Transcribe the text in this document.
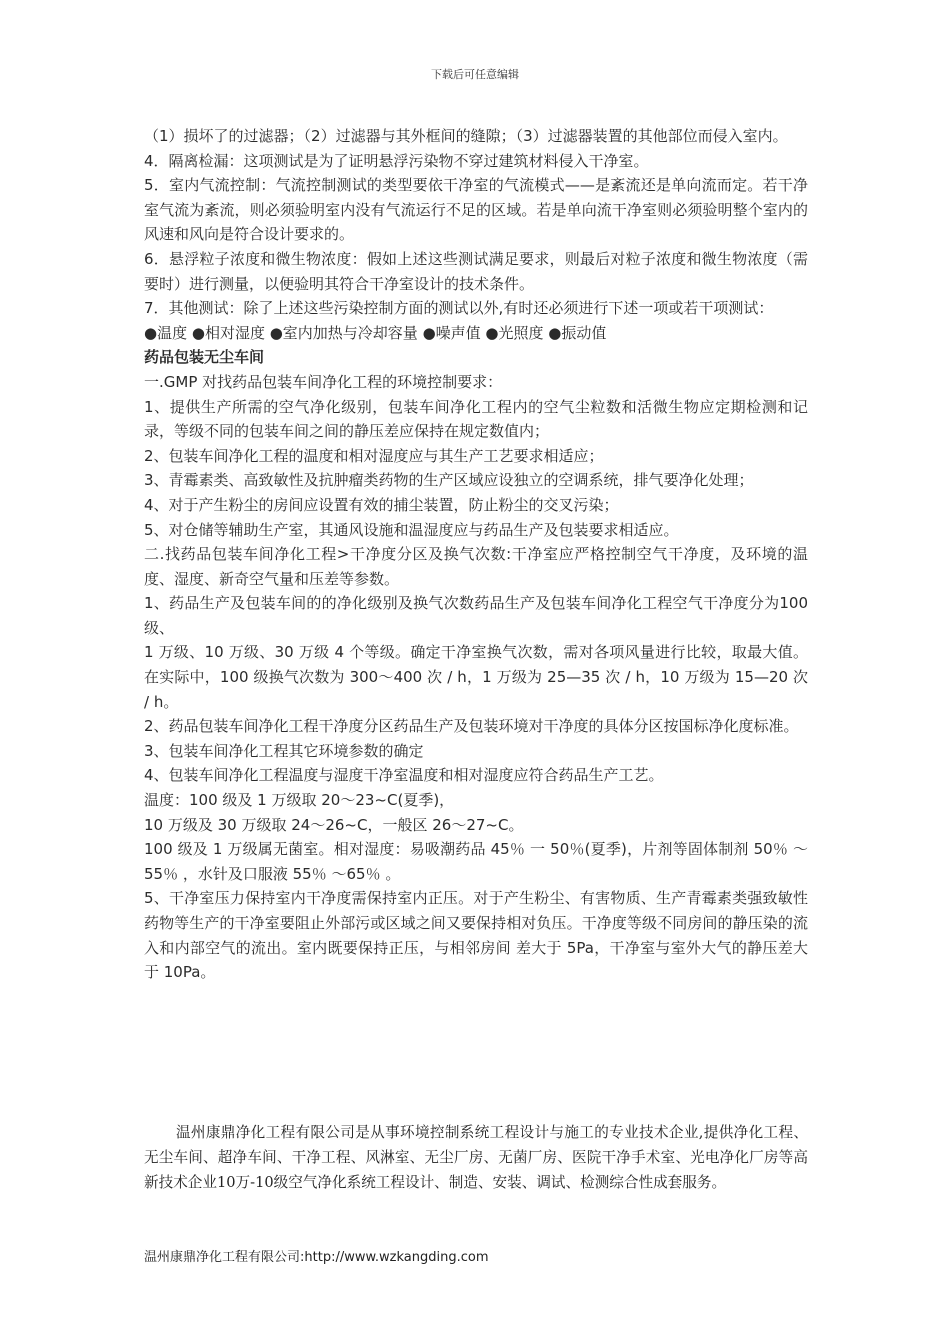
下载后可任意编辑

（1）损坏了的过滤器；（2）过滤器与其外框间的缝隙；（3）过滤器装置的其他部位而侵入室内。

4．隔离检漏：这项测试是为了证明悬浮污染物不穿过建筑材料侵入干净室。

5．室内气流控制：气流控制测试的类型要依干净室的气流模式——是紊流还是单向流而定。若干净室气流为紊流，则必须验明室内没有气流运行不足的区域。若是单向流干净室则必须验明整个室内的风速和风向是符合设计要求的。

6．悬浮粒子浓度和微生物浓度：假如上述这些测试满足要求，则最后对粒子浓度和微生物浓度（需要时）进行测量，以便验明其符合干净室设计的技术条件。

7．其他测试：除了上述这些污染控制方面的测试以外,有时还必须进行下述一项或若干项测试：

●温度 ●相对湿度 ●室内加热与冷却容量 ●噪声值 ●光照度 ●振动值

药品包装无尘车间

一.GMP 对找药品包装车间净化工程的环境控制要求：

1、提供生产所需的空气净化级别，包装车间净化工程内的空气尘粒数和活微生物应定期检测和记录，等级不同的包装车间之间的静压差应保持在规定数值内；

2、包装车间净化工程的温度和相对湿度应与其生产工艺要求相适应；

3、青霉素类、高致敏性及抗肿瘤类药物的生产区域应设独立的空调系统，排气要净化处理；

4、对于产生粉尘的房间应设置有效的捕尘装置，防止粉尘的交叉污染；

5、对仓储等辅助生产室，其通风设施和温湿度应与药品生产及包装要求相适应。

二.找药品包装车间净化工程>干净度分区及换气次数:干净室应严格控制空气干净度，及环境的温度、湿度、新奇空气量和压差等参数。

1、药品生产及包装车间的的净化级别及换气次数药品生产及包装车间净化工程空气干净度分为100 级、

1 万级、10 万级、30 万级 4 个等级。确定干净室换气次数，需对各项风量进行比较，取最大值。在实际中，100 级换气次数为 300～400 次 / h，1 万级为 25—35 次 / h，10 万级为 15—20 次 / h。

2、药品包装车间净化工程干净度分区药品生产及包装环境对干净度的具体分区按国标净化度标准。

3、包装车间净化工程其它环境参数的确定

4、包装车间净化工程温度与湿度干净室温度和相对湿度应符合药品生产工艺。

温度：100 级及 1 万级取 20～23~C(夏季)，

10 万级及 30 万级取 24～26~C，一般区 26～27~C。

100 级及 1 万级属无菌室。相对湿度：易吸潮药品 45％ 一 50％(夏季)，片剂等固体制剂 50％ ～55％ ，水针及口服液 55％ ～65％ 。

5、干净室压力保持室内干净度需保持室内正压。对于产生粉尘、有害物质、生产青霉素类强致敏性药物等生产的干净室要阻止外部污或区域之间又要保持相对负压。干净度等级不同房间的静压染的流入和内部空气的流出。室内既要保持正压，与相邻房间 差大于 5Pa，干净室与室外大气的静压差大于 10Pa。

温州康鼎净化工程有限公司是从事环境控制系统工程设计与施工的专业技术企业,提供净化工程、无尘车间、超净车间、干净工程、风淋室、无尘厂房、无菌厂房、医院干净手术室、光电净化厂房等高新技术企业10万-10级空气净化系统工程设计、制造、安装、调试、检测综合性成套服务。

温州康鼎净化工程有限公司:http://www.wzkangding.com
